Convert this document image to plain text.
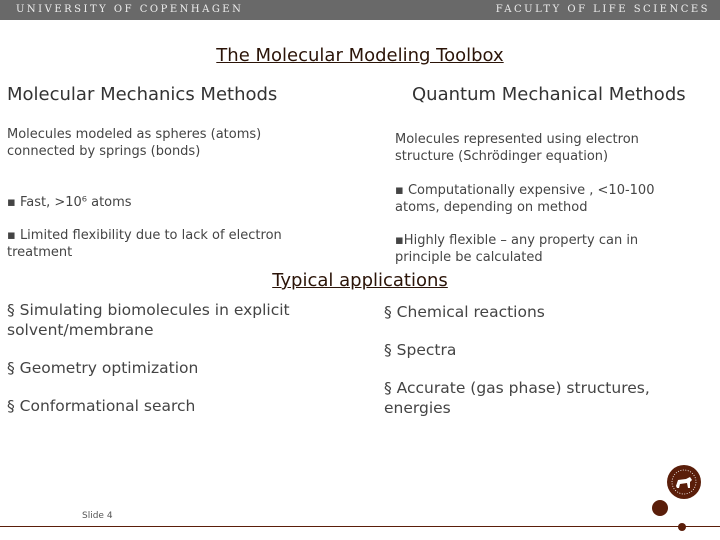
UNIVERSITY OF COPENHAGEN	FACULTY OF LIFE SCIENCES
The Molecular Modeling Toolbox
Molecular Mechanics Methods	Quantum Mechanical Methods
Molecules modeled as spheres (atoms) connected by springs (bonds)
Molecules represented using electron structure (Schrödinger equation)
▪ Fast, >10⁶ atoms
▪ Limited flexibility due to lack of electron treatment
▪ Computationally expensive , <10-100 atoms, depending on method
▪Highly flexible – any property can in principle be calculated
Typical applications
§ Simulating biomolecules in explicit solvent/membrane
§ Geometry optimization
§ Conformational search
§ Chemical reactions
§ Spectra
§ Accurate (gas phase) structures, energies
Slide 4
